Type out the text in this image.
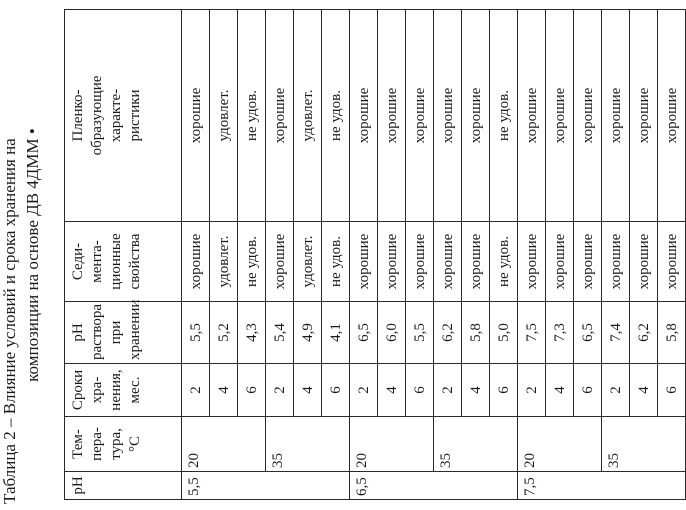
Таблица 2 – Влияние условий и срока хранения на композиции на основе ДВ 4ДММ •
pH	Тем- пера- тура, °C	Сроки хра- нения, мес.	pH раствора при хранении	Седи- мента- ционные свойства	Пленко- образующие характе- ристики

5,5	20	2	5,5	хорошие	хорошие
		4	5,2	удовлет.	удовлет.
		6	4,3	не удов.	не удов.
	35	2	5,4	хорошие	хорошие
		4	4,9	удовлет.	удовлет.
		6	4,1	не удов.	не удов.
6,5	20	2	6,5	хорошие	хорошие
		4	6,0	хорошие	хорошие
		6	5,5	хорошие	хорошие
	35	2	6,2	хорошие	хорошие
		4	5,8	хорошие	хорошие
		6	5,0	не удов.	не удов.
7,5	20	2	7,5	хорошие	хорошие
		4	7,3	хорошие	хорошие
		6	6,5	хорошие	хорошие
	35	2	7,4	хорошие	хорошие
		4	6,2	хорошие	хорошие
		6	5,8	хорошие	хорошие
